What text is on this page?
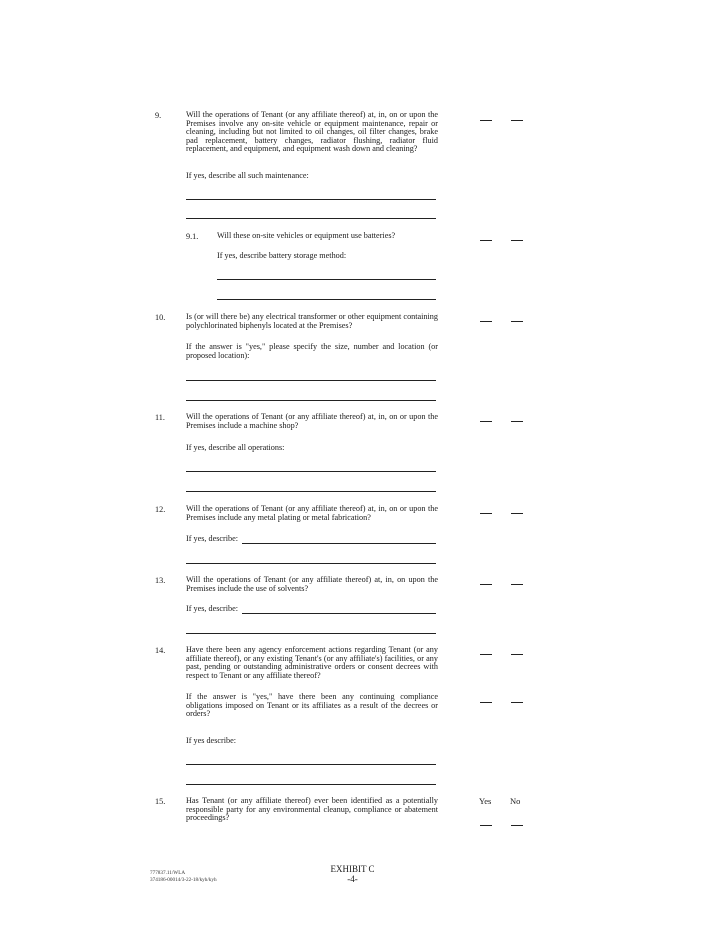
9.	Will the operations of Tenant (or any affiliate thereof) at, in, on or upon the Premises involve any on-site vehicle or equipment maintenance, repair or cleaning, including but not limited to oil changes, oil filter changes, brake pad replacement, battery changes, radiator flushing, radiator fluid replacement, and equipment, and equipment wash down and cleaning?
If yes, describe all such maintenance:
9.1. Will these on-site vehicles or equipment use batteries?
If yes, describe battery storage method:
10.	Is (or will there be) any electrical transformer or other equipment containing polychlorinated biphenyls located at the Premises?
If the answer is "yes," please specify the size, number and location (or proposed location):
11.	Will the operations of Tenant (or any affiliate thereof) at, in, on or upon the Premises include a machine shop?
If yes, describe all operations:
12.	Will the operations of Tenant (or any affiliate thereof) at, in, on or upon the Premises include any metal plating or metal fabrication?
If yes, describe:
13.	Will the operations of Tenant (or any affiliate thereof) at, in, on upon the Premises include the use of solvents?
If yes, describe:
14.	Have there been any agency enforcement actions regarding Tenant (or any affiliate thereof), or any existing Tenant's (or any affiliate's) facilities, or any past, pending or outstanding administrative orders or consent decrees with respect to Tenant or any affiliate thereof?
If the answer is "yes," have there been any continuing compliance obligations imposed on Tenant or its affiliates as a result of the decrees or orders?
If yes describe:
15.	Has Tenant (or any affiliate thereof) ever been identified as a potentially responsible party for any environmental cleanup, compliance or abatement proceedings?
Yes No
777837.11/WLA
374186-00014/3-22-18/kyh/kyh
EXHIBIT C
-4-
